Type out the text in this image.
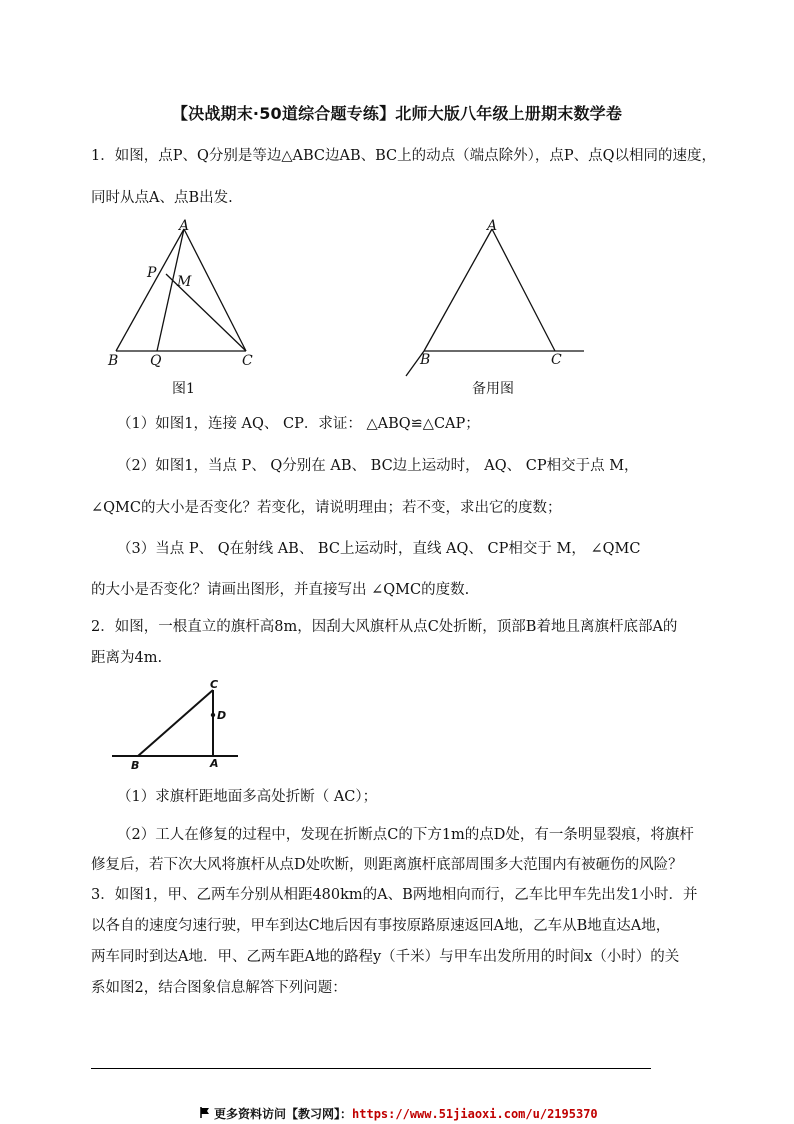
【决战期末·50道综合题专练】北师大版八年级上册期末数学卷
1．如图，点P、Q分别是等边△ABC边AB、BC上的动点（端点除外），点P、点Q以相同的速度，
同时从点A、点B出发.
A
B	C
P
Q
M
图1
A
B	C
备用图
（1）如图1，连接 AQ、 CP．求证： △ABQ≌△CAP；
（2）如图1，当点 P、 Q分别在 AB、 BC边上运动时， AQ、 CP相交于点 M，
∠QMC的大小是否变化？若变化，请说明理由；若不变，求出它的度数；
（3）当点 P、 Q在射线 AB、 BC上运动时，直线 AQ、 CP相交于 M， ∠QMC
的大小是否变化？请画出图形，并直接写出 ∠QMC的度数.
2．如图，一根直立的旗杆高8m，因刮大风旗杆从点C处折断，顶部B着地且离旗杆底部A的
距离为4m.
C
D
B	A
（1）求旗杆距地面多高处折断（ AC）；
（2）工人在修复的过程中，发现在折断点C的下方1m的点D处，有一条明显裂痕，将旗杆
修复后，若下次大风将旗杆从点D处吹断，则距离旗杆底部周围多大范围内有被砸伤的风险？
3．如图1，甲、乙两车分别从相距480km的A、B两地相向而行，乙车比甲车先出发1小时．并
以各自的速度匀速行驶，甲车到达C地后因有事按原路原速返回A地，乙车从B地直达A地，
两车同时到达A地．甲、乙两车距A地的路程y（千米）与甲车出发所用的时间x（小时）的关
系如图2，结合图象信息解答下列问题：
更多资料访问【教习网】：https://www.51jiaoxi.com/u/2195370
